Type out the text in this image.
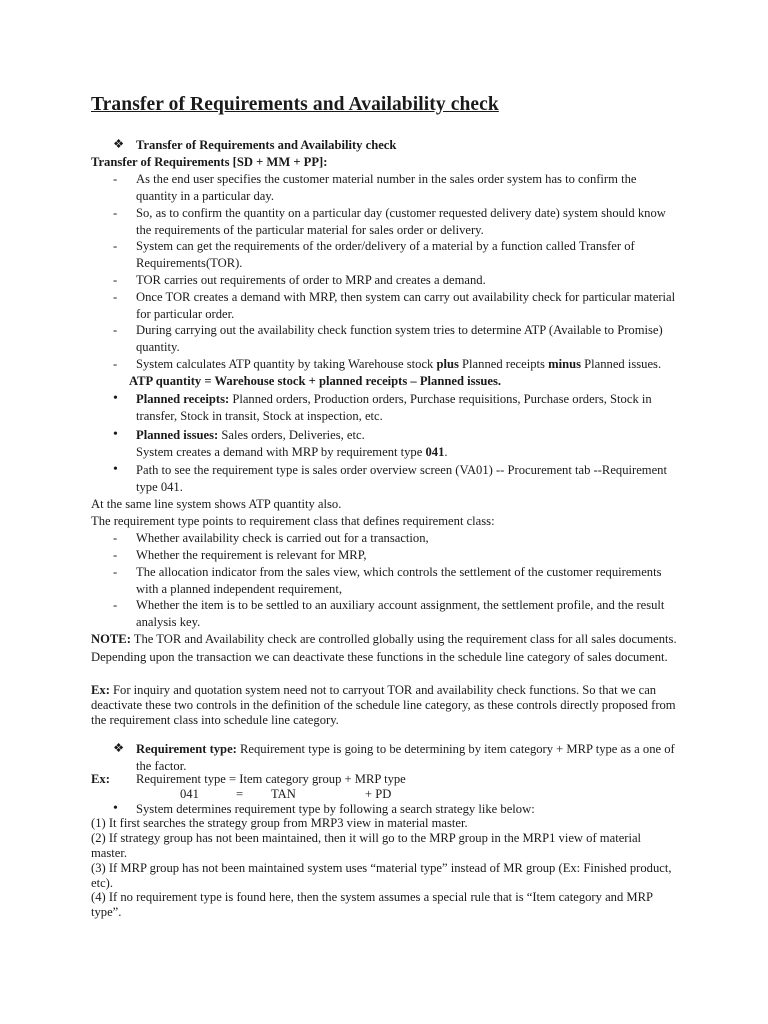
Transfer of Requirements and Availability check
❖ Transfer of Requirements and Availability check
Transfer of Requirements [SD + MM + PP]:
- As the end user specifies the customer material number in the sales order system has to confirm the quantity in a particular day.
- So, as to confirm the quantity on a particular day (customer requested delivery date) system should know the requirements of the particular material for sales order or delivery.
- System can get the requirements of the order/delivery of a material by a function called Transfer of Requirements(TOR).
- TOR carries out requirements of order to MRP and creates a demand.
- Once TOR creates a demand with MRP, then system can carry out availability check for particular material for particular order.
- During carrying out the availability check function system tries to determine ATP (Available to Promise) quantity.
- System calculates ATP quantity by taking Warehouse stock plus Planned receipts minus Planned issues.
ATP quantity = Warehouse stock + planned receipts – Planned issues.
• Planned receipts: Planned orders, Production orders, Purchase requisitions, Purchase orders, Stock in transfer, Stock in transit, Stock at inspection, etc.
• Planned issues: Sales orders, Deliveries, etc.
System creates a demand with MRP by requirement type 041.
• Path to see the requirement type is sales order overview screen (VA01) -- Procurement tab --Requirement type 041.
At the same line system shows ATP quantity also.
The requirement type points to requirement class that defines requirement class:
- Whether availability check is carried out for a transaction,
- Whether the requirement is relevant for MRP,
- The allocation indicator from the sales view, which controls the settlement of the customer requirements with a planned independent requirement,
- Whether the item is to be settled to an auxiliary account assignment, the settlement profile, and the result analysis key.
NOTE: The TOR and Availability check are controlled globally using the requirement class for all sales documents. Depending upon the transaction we can deactivate these functions in the schedule line category of sales document.
Ex: For inquiry and quotation system need not to carryout TOR and availability check functions. So that we can deactivate these two controls in the definition of the schedule line category, as these controls directly proposed from the requirement class into schedule line category.
❖ Requirement type: Requirement type is going to be determining by item category + MRP type as a one of the factor.
Ex: Requirement type = Item category group + MRP type
041	= TAN	+ PD
• System determines requirement type by following a search strategy like below:
(1) It first searches the strategy group from MRP3 view in material master.
(2) If strategy group has not been maintained, then it will go to the MRP group in the MRP1 view of material master.
(3) If MRP group has not been maintained system uses “material type” instead of MR group (Ex: Finished product, etc).
(4) If no requirement type is found here, then the system assumes a special rule that is “Item category and MRP type”.
